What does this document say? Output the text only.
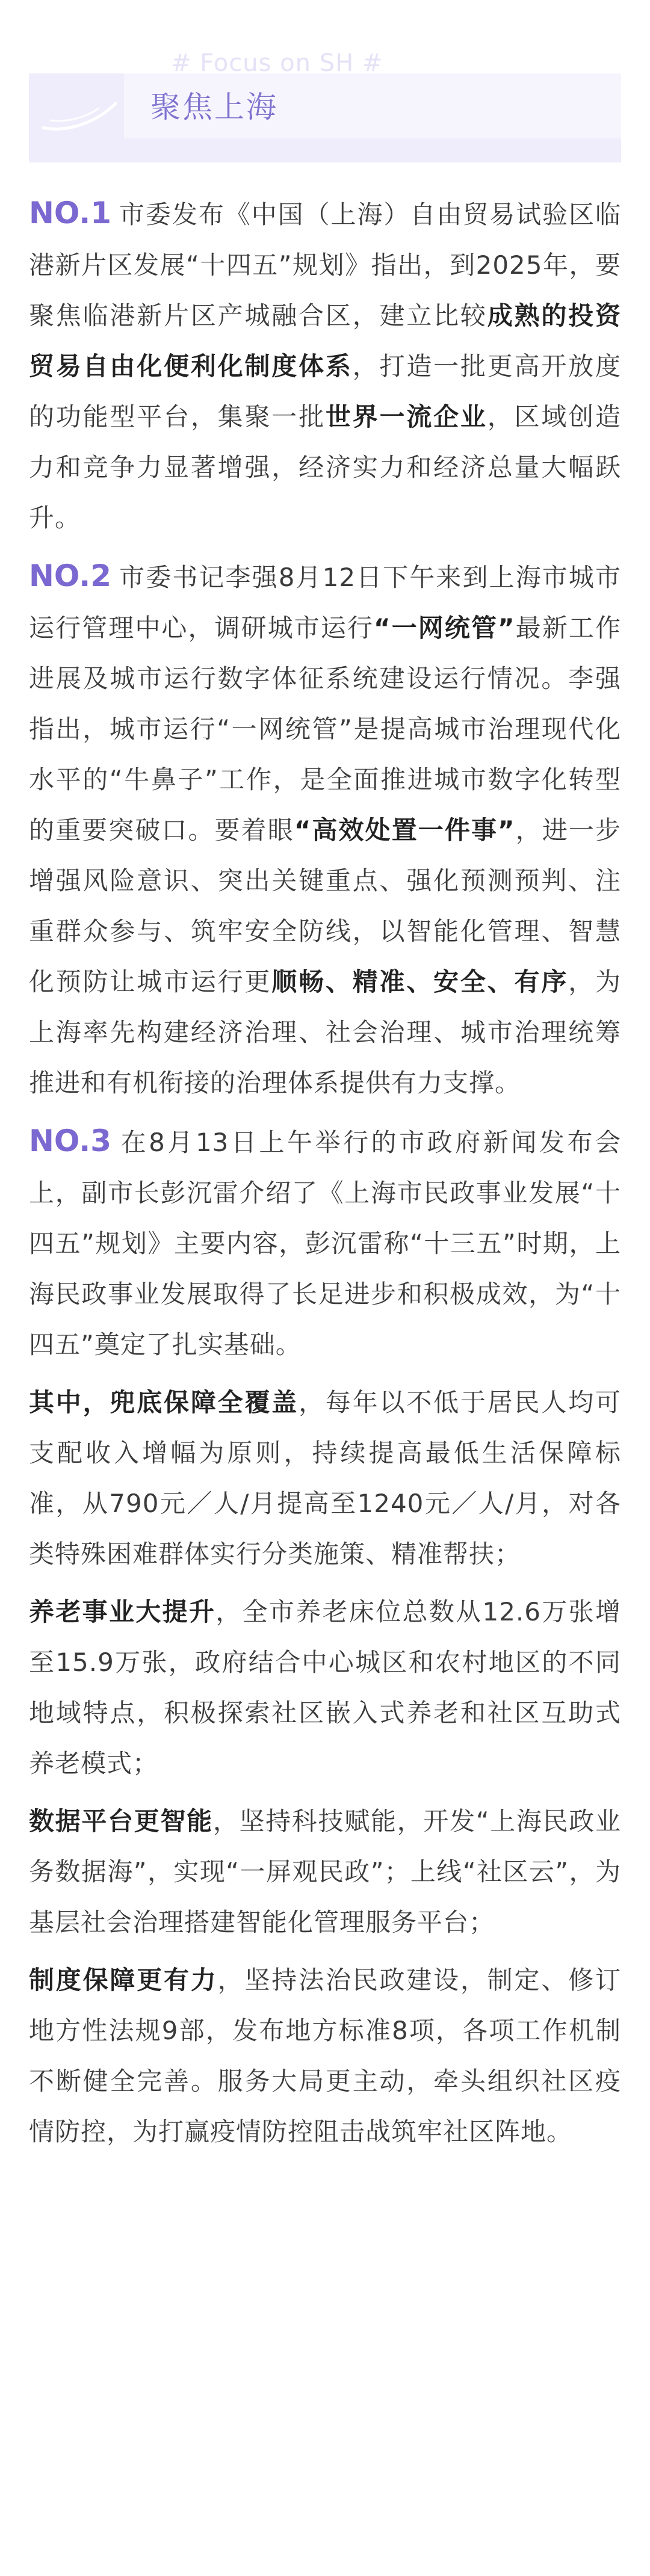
# Focus on SH #
聚焦上海

NO.1 市委发布《中国（上海）自由贸易试验区临港新片区发展“十四五”规划》指出，到2025年，要聚焦临港新片区产城融合区，建立比较成熟的投资贸易自由化便利化制度体系，打造一批更高开放度的功能型平台，集聚一批世界一流企业，区域创造力和竞争力显著增强，经济实力和经济总量大幅跃升。

NO.2 市委书记李强8月12日下午来到上海市城市运行管理中心，调研城市运行“一网统管”最新工作进展及城市运行数字体征系统建设运行情况。李强指出，城市运行“一网统管”是提高城市治理现代化水平的“牛鼻子”工作，是全面推进城市数字化转型的重要突破口。要着眼“高效处置一件事”，进一步增强风险意识、突出关键重点、强化预测预判、注重群众参与、筑牢安全防线，以智能化管理、智慧化预防让城市运行更顺畅、精准、安全、有序，为上海率先构建经济治理、社会治理、城市治理统筹推进和有机衔接的治理体系提供有力支撑。

NO.3 在8月13日上午举行的市政府新闻发布会上，副市长彭沉雷介绍了《上海市民政事业发展“十四五”规划》主要内容，彭沉雷称“十三五”时期，上海民政事业发展取得了长足进步和积极成效，为“十四五”奠定了扎实基础。

其中，兜底保障全覆盖，每年以不低于居民人均可支配收入增幅为原则，持续提高最低生活保障标准，从790元／人/月提高至1240元／人/月，对各类特殊困难群体实行分类施策、精准帮扶；

养老事业大提升，全市养老床位总数从12.6万张增至15.9万张，政府结合中心城区和农村地区的不同地域特点，积极探索社区嵌入式养老和社区互助式养老模式；

数据平台更智能，坚持科技赋能，开发“上海民政业务数据海”，实现“一屏观民政”；上线“社区云”，为基层社会治理搭建智能化管理服务平台；

制度保障更有力，坚持法治民政建设，制定、修订地方性法规9部，发布地方标准8项，各项工作机制不断健全完善。服务大局更主动，牵头组织社区疫情防控，为打赢疫情防控阻击战筑牢社区阵地。
